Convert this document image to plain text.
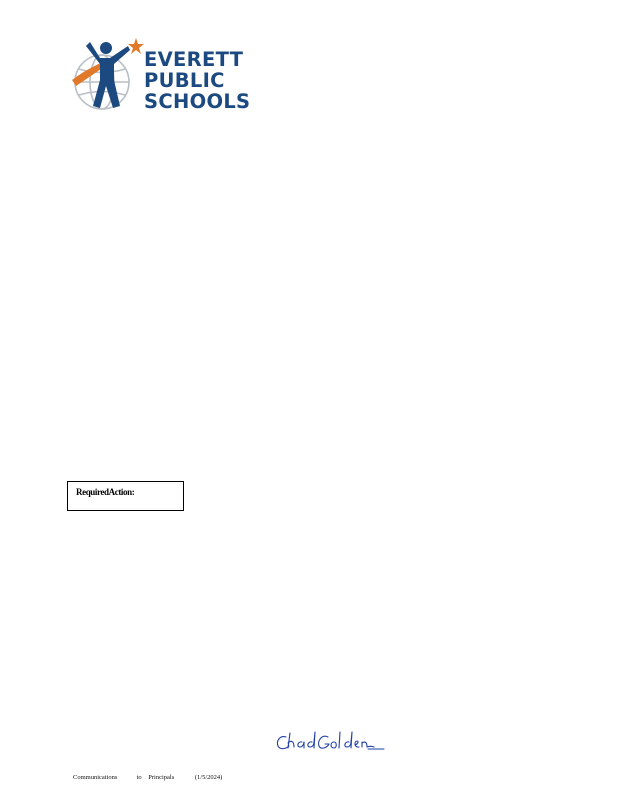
EVERETT
PUBLIC
SCHOOLS
RequiredAction:
Communications	to Principals	(1/5/2024)
